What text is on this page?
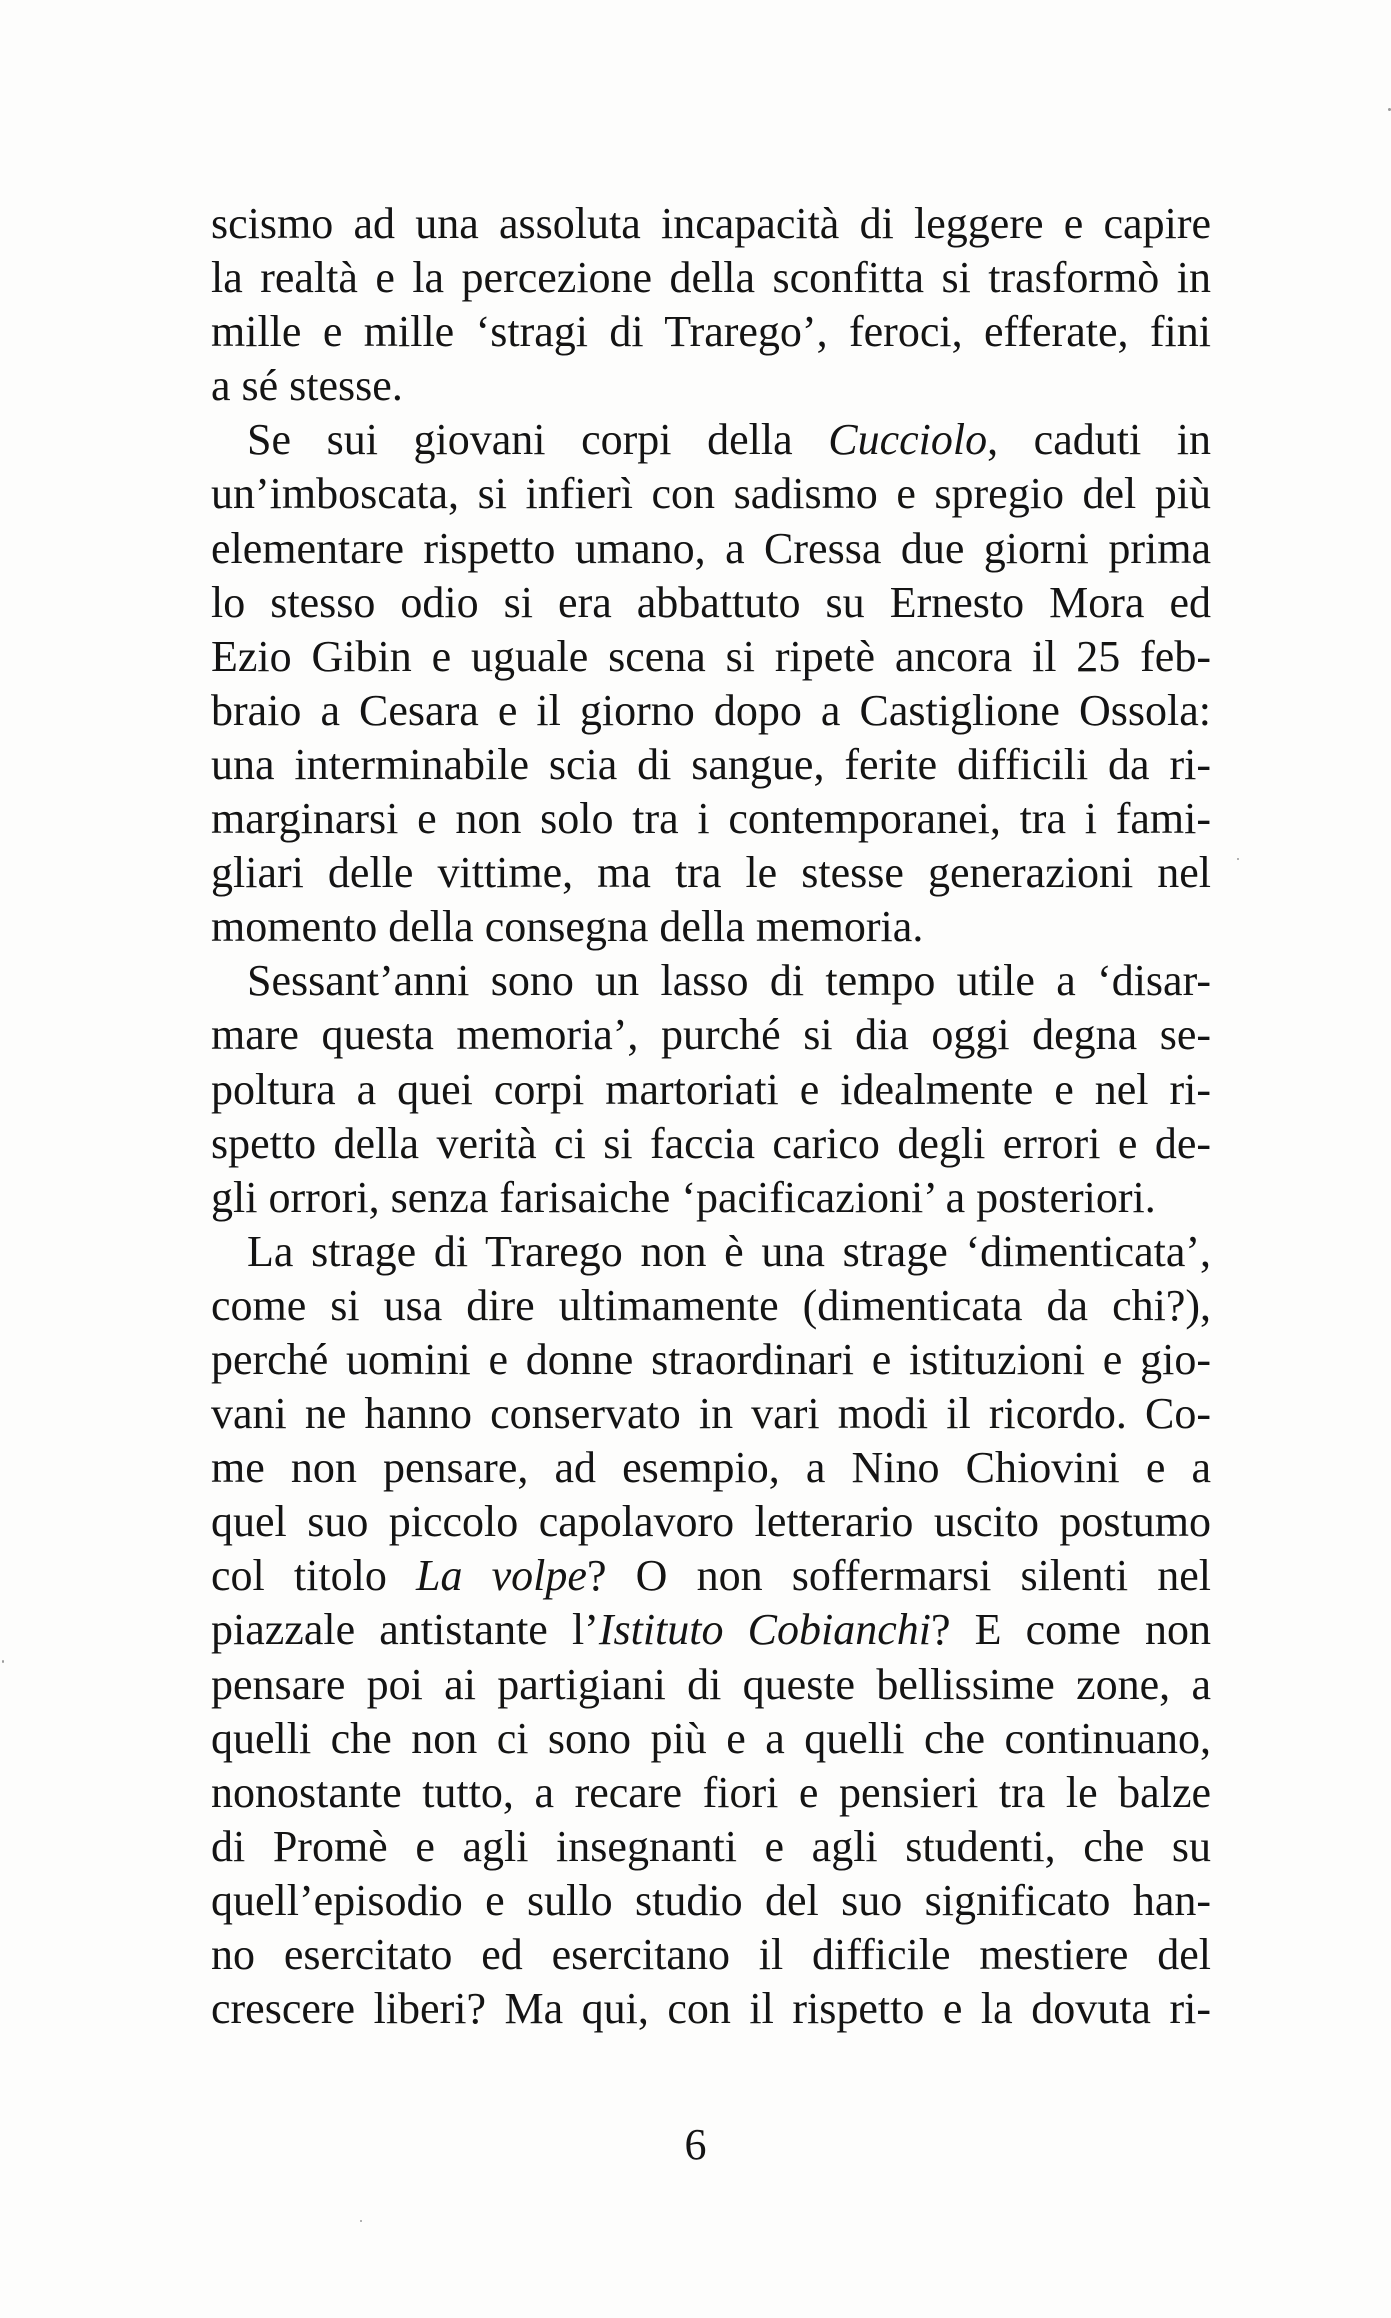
scismo ad una assoluta incapacità di leggere e capire
la realtà e la percezione della sconfitta si trasformò in
mille e mille ‘stragi di Trarego’, feroci, efferate, fini
a sé stesse.
Se sui giovani corpi della Cucciolo, caduti in
un’imboscata, si infierì con sadismo e spregio del più
elementare rispetto umano, a Cressa due giorni prima
lo stesso odio si era abbattuto su Ernesto Mora ed
Ezio Gibin e uguale scena si ripetè ancora il 25 feb-
braio a Cesara e il giorno dopo a Castiglione Ossola:
una interminabile scia di sangue, ferite difficili da ri-
marginarsi e non solo tra i contemporanei, tra i fami-
gliari delle vittime, ma tra le stesse generazioni nel
momento della consegna della memoria.
Sessant’anni sono un lasso di tempo utile a ‘disar-
mare questa memoria’, purché si dia oggi degna se-
poltura a quei corpi martoriati e idealmente e nel ri-
spetto della verità ci si faccia carico degli errori e de-
gli orrori, senza farisaiche ‘pacificazioni’ a posteriori.
La strage di Trarego non è una strage ‘dimenticata’,
come si usa dire ultimamente (dimenticata da chi?),
perché uomini e donne straordinari e istituzioni e gio-
vani ne hanno conservato in vari modi il ricordo. Co-
me non pensare, ad esempio, a Nino Chiovini e a
quel suo piccolo capolavoro letterario uscito postumo
col titolo La volpe? O non soffermarsi silenti nel
piazzale antistante l’Istituto Cobianchi? E come non
pensare poi ai partigiani di queste bellissime zone, a
quelli che non ci sono più e a quelli che continuano,
nonostante tutto, a recare fiori e pensieri tra le balze
di Promè e agli insegnanti e agli studenti, che su
quell’episodio e sullo studio del suo significato han-
no esercitato ed esercitano il difficile mestiere del
crescere liberi? Ma qui, con il rispetto e la dovuta ri-
6
